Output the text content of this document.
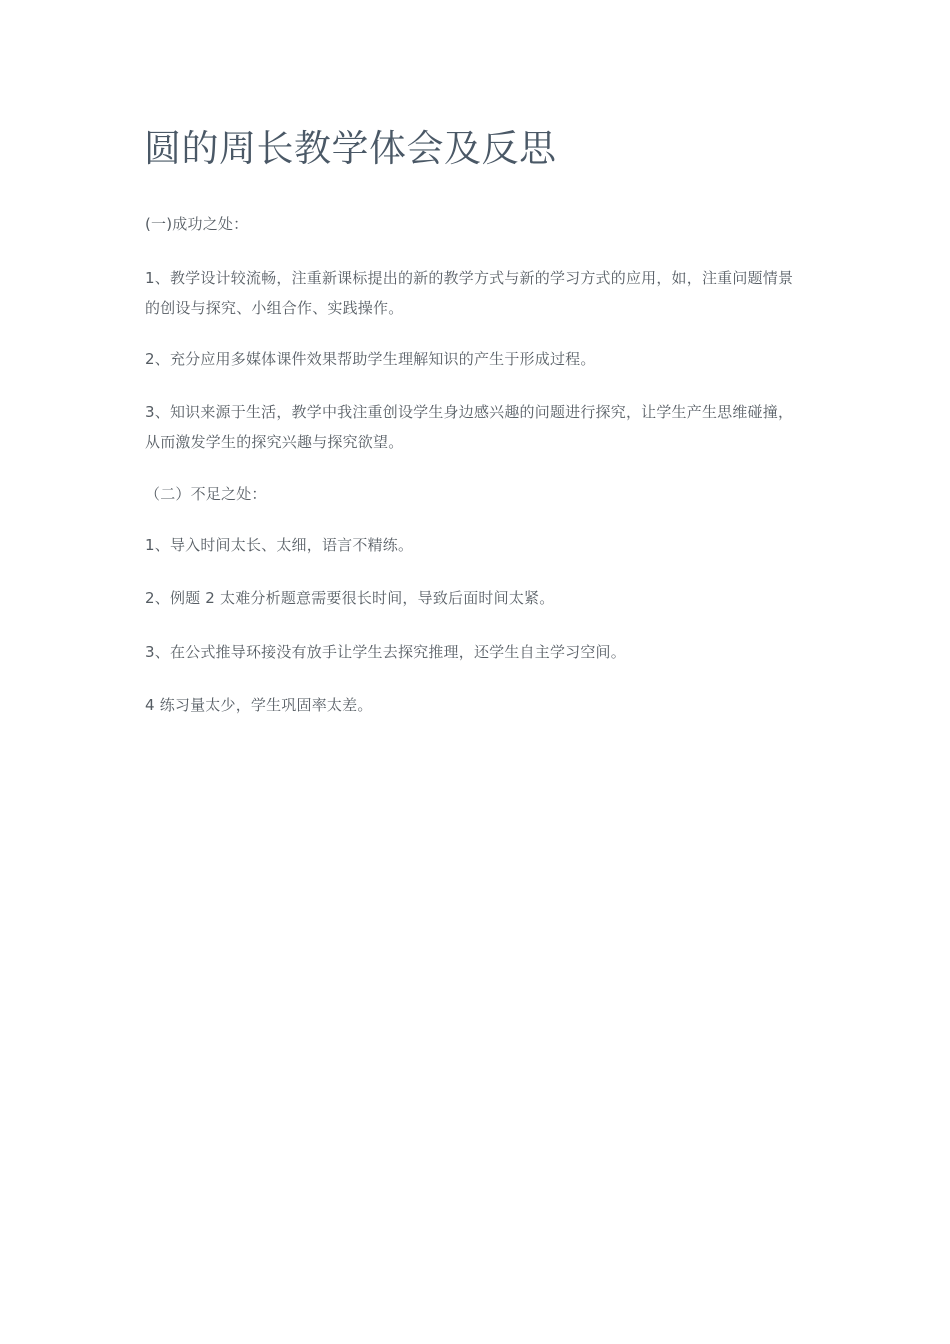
圆的周长教学体会及反思

(一)成功之处：

1、教学设计较流畅，注重新课标提出的新的教学方式与新的学习方式的应用，如，注重问题情景的创设与探究、小组合作、实践操作。

2、充分应用多媒体课件效果帮助学生理解知识的产生于形成过程。

3、知识来源于生活，教学中我注重创设学生身边感兴趣的问题进行探究，让学生产生思维碰撞，从而激发学生的探究兴趣与探究欲望。

（二）不足之处：

1、导入时间太长、太细，语言不精练。

2、例题 2 太难分析题意需要很长时间，导致后面时间太紧。

3、在公式推导环接没有放手让学生去探究推理，还学生自主学习空间。

4 练习量太少，学生巩固率太差。
